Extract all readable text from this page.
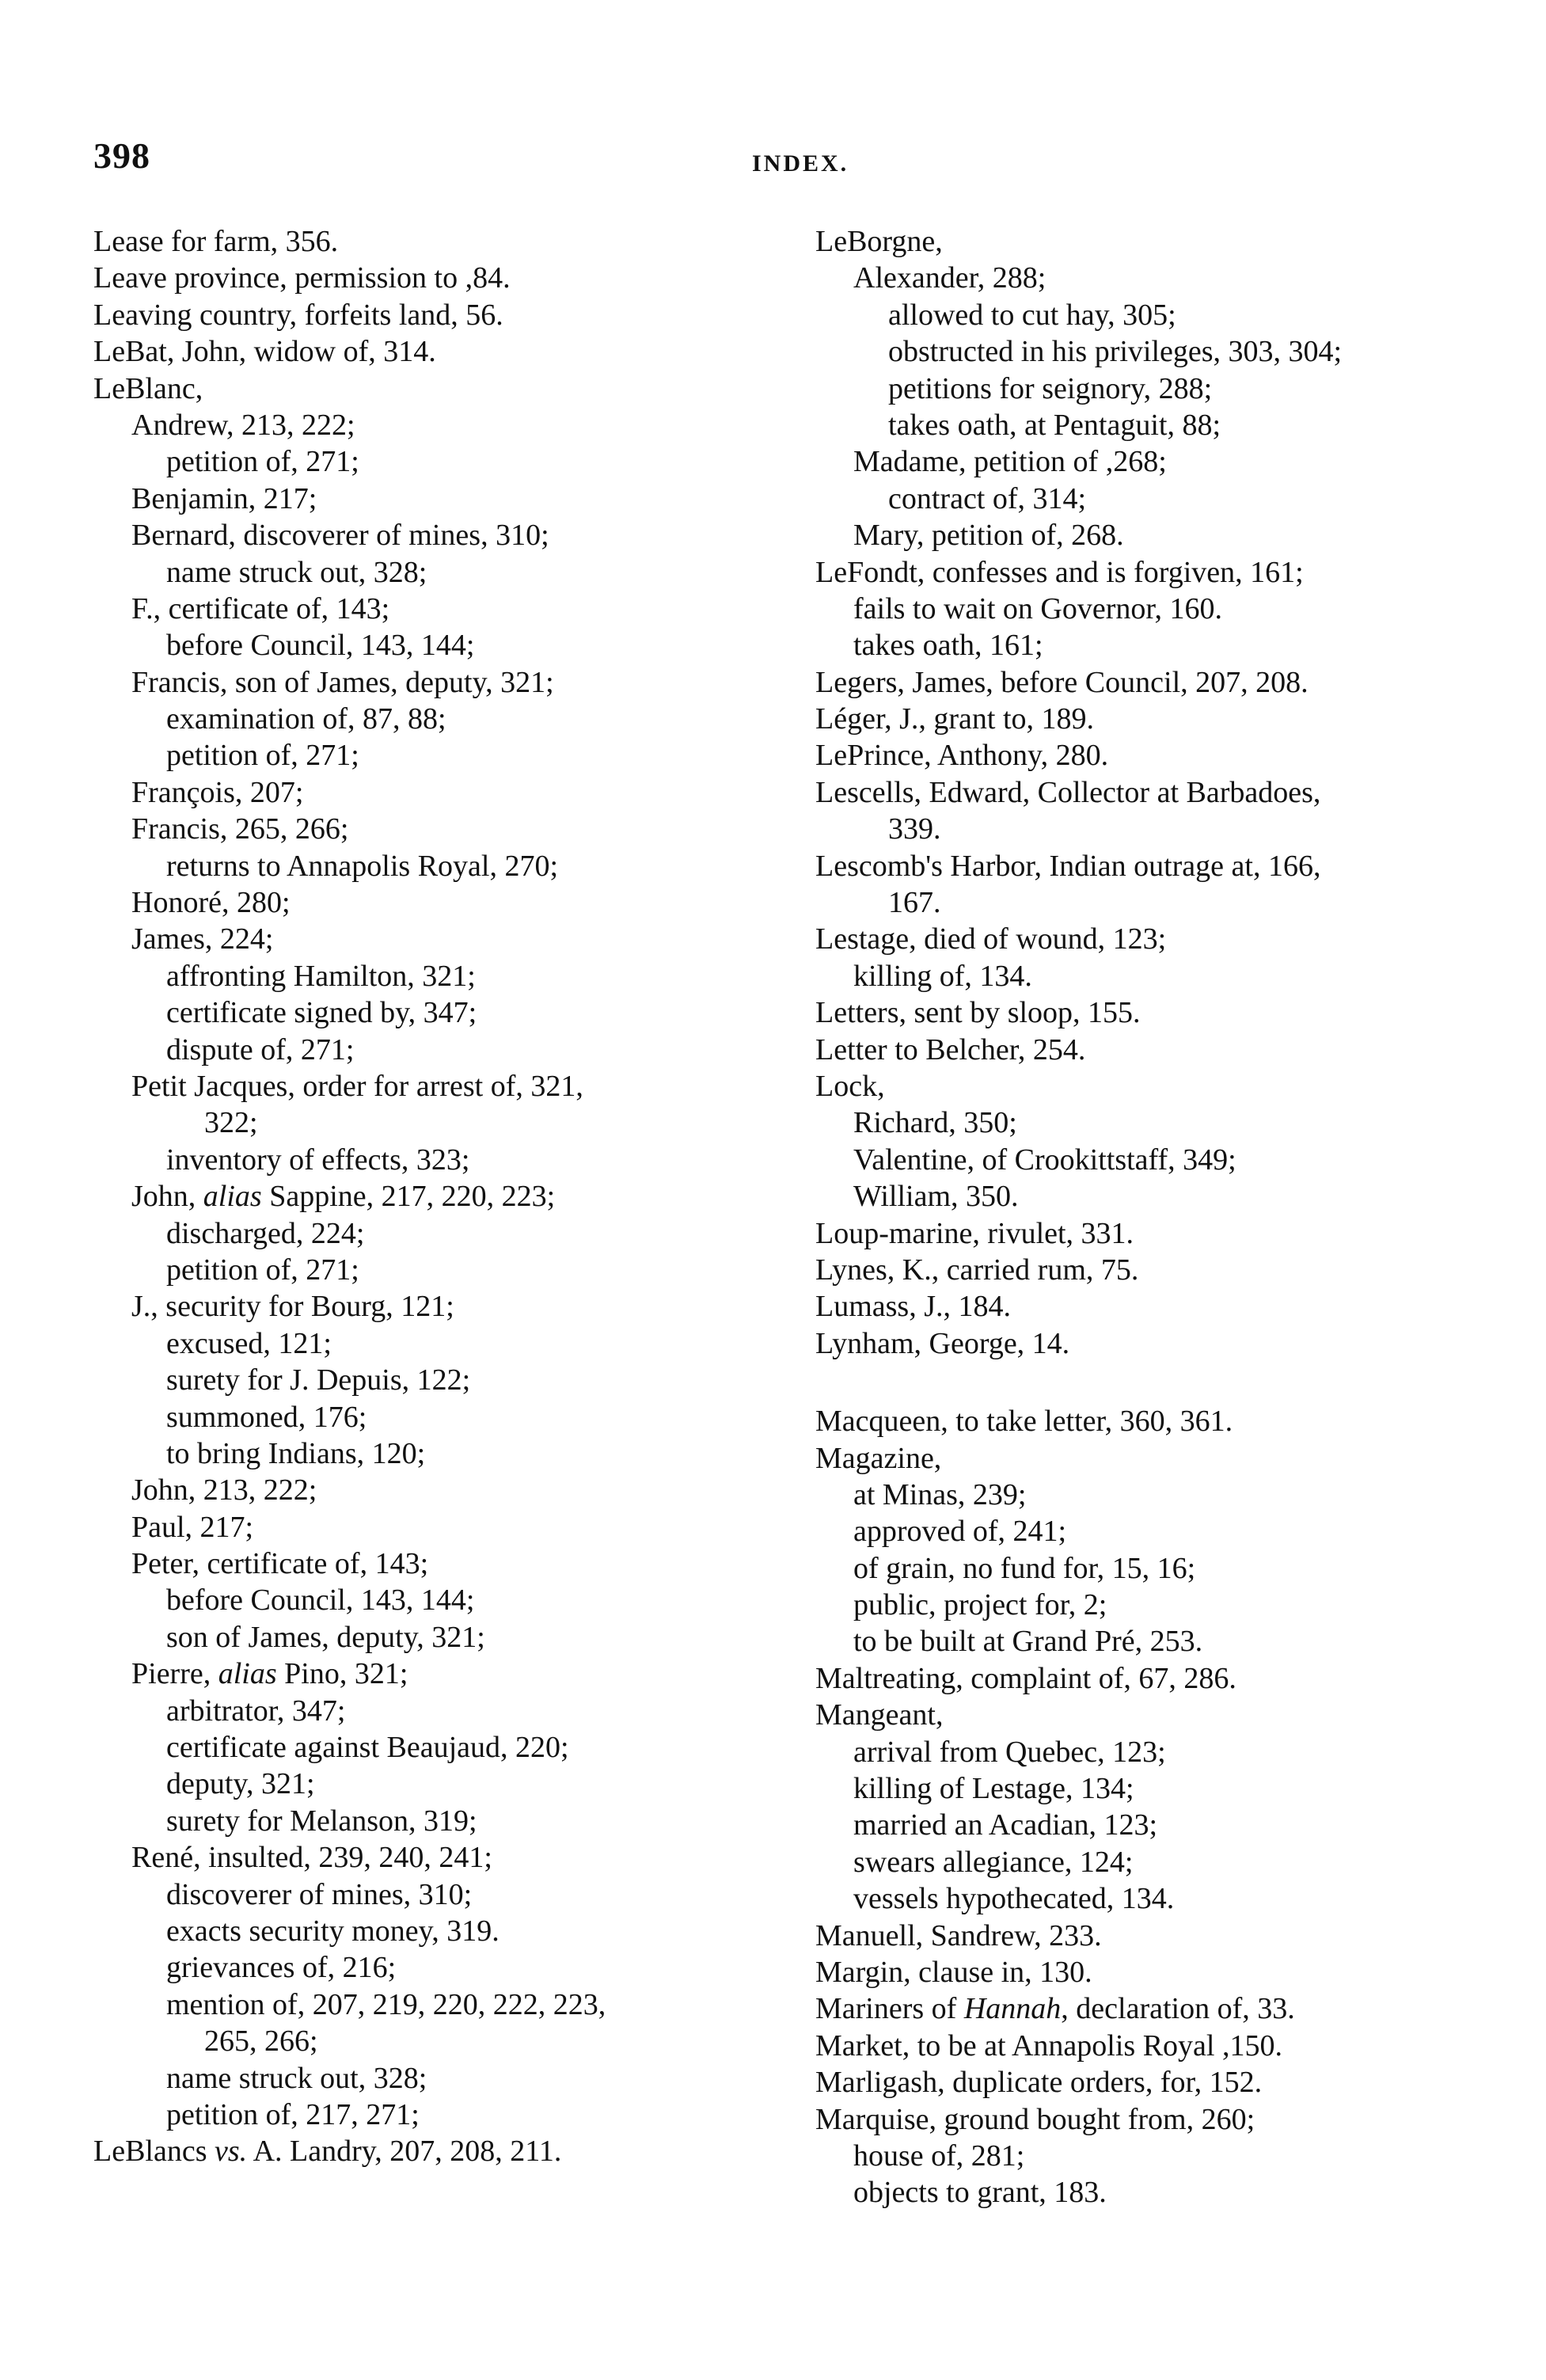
398	INDEX.
Lease for farm, 356.
Leave province, permission to ,84.
Leaving country, forfeits land, 56.
LeBat, John, widow of, 314.
LeBlanc,
Andrew, 213, 222;
petition of, 271;
Benjamin, 217;
Bernard, discoverer of mines, 310;
name struck out, 328;
F., certificate of, 143;
before Council, 143, 144;
Francis, son of James, deputy, 321;
examination of, 87, 88;
petition of, 271;
François, 207;
Francis, 265, 266;
returns to Annapolis Royal, 270;
Honoré, 280;
James, 224;
affronting Hamilton, 321;
certificate signed by, 347;
dispute of, 271;
Petit Jacques, order for arrest of, 321,
322;
inventory of effects, 323;
John, alias Sappine, 217, 220, 223;
discharged, 224;
petition of, 271;
J., security for Bourg, 121;
excused, 121;
surety for J. Depuis, 122;
summoned, 176;
to bring Indians, 120;
John, 213, 222;
Paul, 217;
Peter, certificate of, 143;
before Council, 143, 144;
son of James, deputy, 321;
Pierre, alias Pino, 321;
arbitrator, 347;
certificate against Beaujaud, 220;
deputy, 321;
surety for Melanson, 319;
René, insulted, 239, 240, 241;
discoverer of mines, 310;
exacts security money, 319.
grievances of, 216;
mention of, 207, 219, 220, 222, 223,
265, 266;
name struck out, 328;
petition of, 217, 271;
LeBlancs vs. A. Landry, 207, 208, 211.
LeBorgne,
Alexander, 288;
allowed to cut hay, 305;
obstructed in his privileges, 303, 304;
petitions for seignory, 288;
takes oath, at Pentaguit, 88;
Madame, petition of ,268;
contract of, 314;
Mary, petition of, 268.
LeFondt, confesses and is forgiven, 161;
fails to wait on Governor, 160.
takes oath, 161;
Legers, James, before Council, 207, 208.
Léger, J., grant to, 189.
LePrince, Anthony, 280.
Lescells, Edward, Collector at Barbadoes,
339.
Lescomb's Harbor, Indian outrage at, 166,
167.
Lestage, died of wound, 123;
killing of, 134.
Letters, sent by sloop, 155.
Letter to Belcher, 254.
Lock,
Richard, 350;
Valentine, of Crookittstaff, 349;
William, 350.
Loup-marine, rivulet, 331.
Lynes, K., carried rum, 75.
Lumass, J., 184.
Lynham, George, 14.
Macqueen, to take letter, 360, 361.
Magazine,
at Minas, 239;
approved of, 241;
of grain, no fund for, 15, 16;
public, project for, 2;
to be built at Grand Pré, 253.
Maltreating, complaint of, 67, 286.
Mangeant,
arrival from Quebec, 123;
killing of Lestage, 134;
married an Acadian, 123;
swears allegiance, 124;
vessels hypothecated, 134.
Manuell, Sandrew, 233.
Margin, clause in, 130.
Mariners of Hannah, declaration of, 33.
Market, to be at Annapolis Royal ,150.
Marligash, duplicate orders, for, 152.
Marquise, ground bought from, 260;
house of, 281;
objects to grant, 183.
